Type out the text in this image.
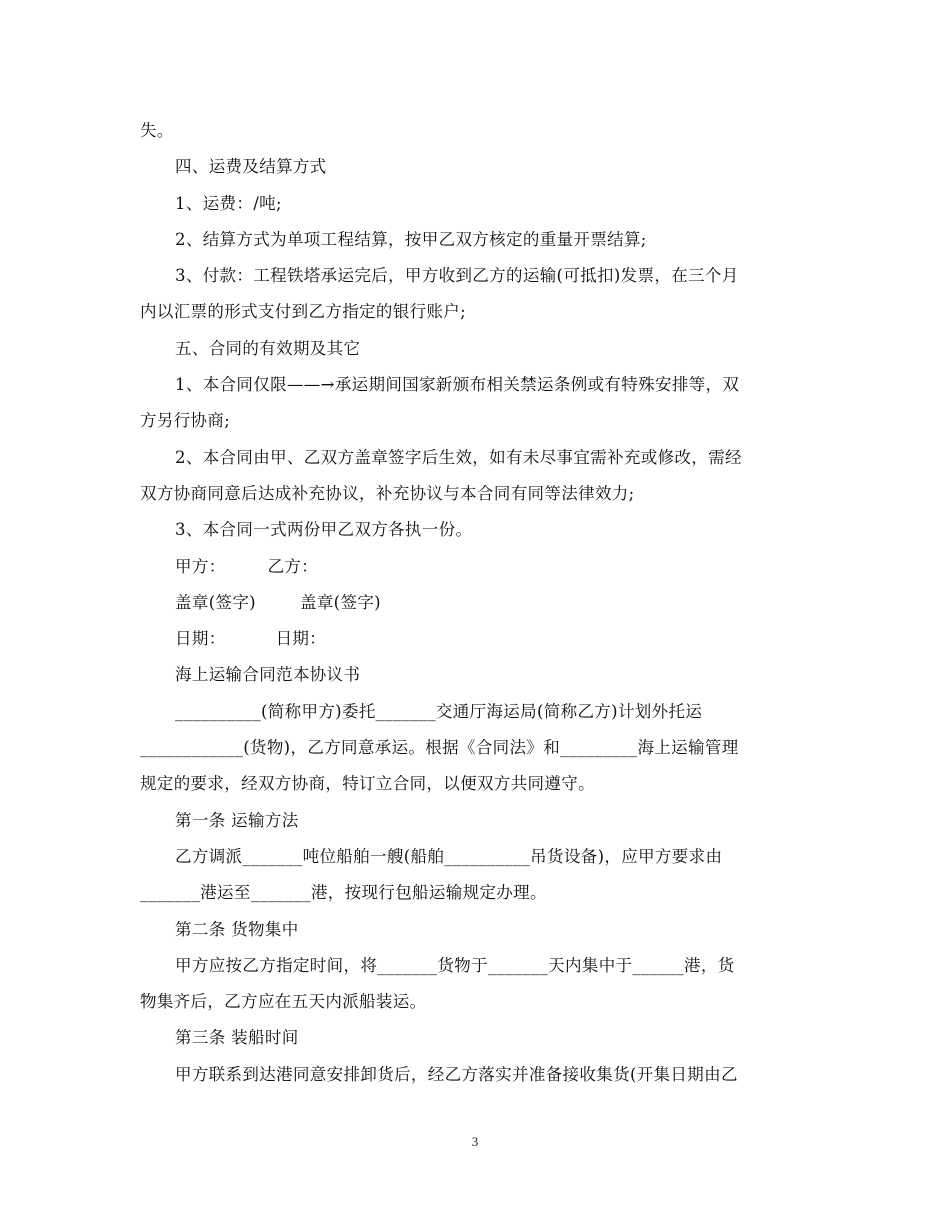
失。
四、运费及结算方式
1、运费：/吨;
2、结算方式为单项工程结算，按甲乙双方核定的重量开票结算;
3、付款：工程铁塔承运完后，甲方收到乙方的运输(可抵扣)发票，在三个月
内以汇票的形式支付到乙方指定的银行账户;
五、合同的有效期及其它
1、本合同仅限——→承运期间国家新颁布相关禁运条例或有特殊安排等，双
方另行协商;
2、本合同由甲、乙双方盖章签字后生效，如有未尽事宜需补充或修改，需经
双方协商同意后达成补充协议，补充协议与本合同有同等法律效力;
3、本合同一式两份甲乙双方各执一份。
甲方：	乙方：
盖章(签字)	盖章(签字)
日期：	日期：
海上运输合同范本协议书
__________(简称甲方)委托_______交通厅海运局(简称乙方)计划外托运
____________(货物)，乙方同意承运。根据《合同法》和_________海上运输管理
规定的要求，经双方协商，特订立合同，以便双方共同遵守。
第一条 运输方法
乙方调派_______吨位船舶一艘(船舶__________吊货设备)，应甲方要求由
_______港运至_______港，按现行包船运输规定办理。
第二条 货物集中
甲方应按乙方指定时间，将_______货物于_______天内集中于______港，货
物集齐后，乙方应在五天内派船装运。
第三条 装船时间
甲方联系到达港同意安排卸货后，经乙方落实并准备接收集货(开集日期由乙
3
